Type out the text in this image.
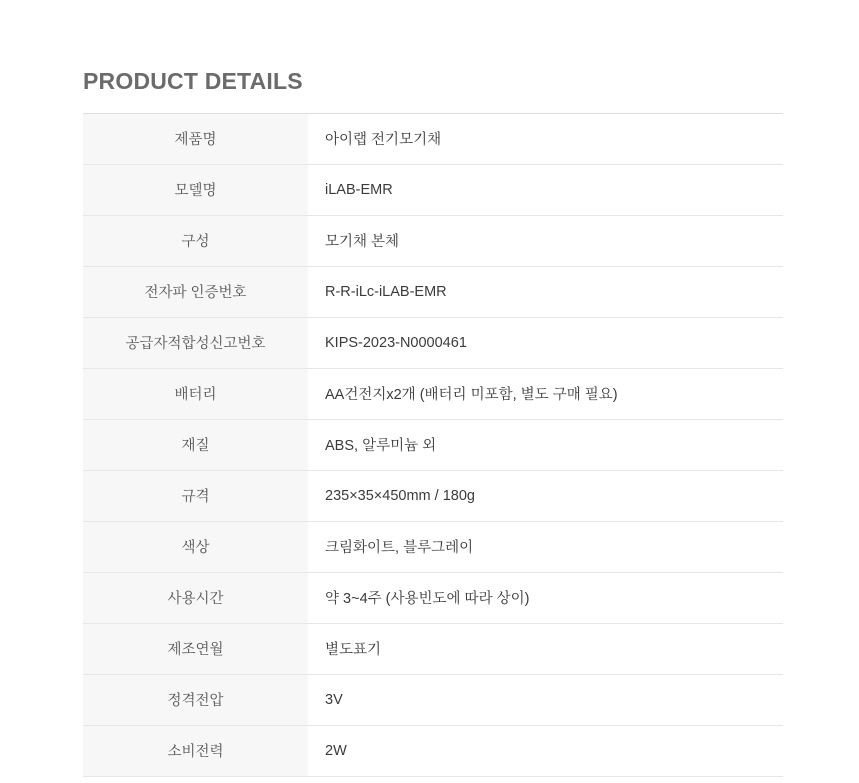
PRODUCT DETAILS
제품명	아이랩 전기모기채
모델명	iLAB-EMR
구성	모기채 본체
전자파 인증번호	R-R-iLc-iLAB-EMR
공급자적합성신고번호	KIPS-2023-N0000461
배터리	AA건전지x2개 (배터리 미포함, 별도 구매 필요)
재질	ABS, 알루미늄 외
규격	235×35×450mm / 180g
색상	크림화이트, 블루그레이
사용시간	약 3~4주 (사용빈도에 따라 상이)
제조연월	별도표기
정격전압	3V
소비전력	2W
